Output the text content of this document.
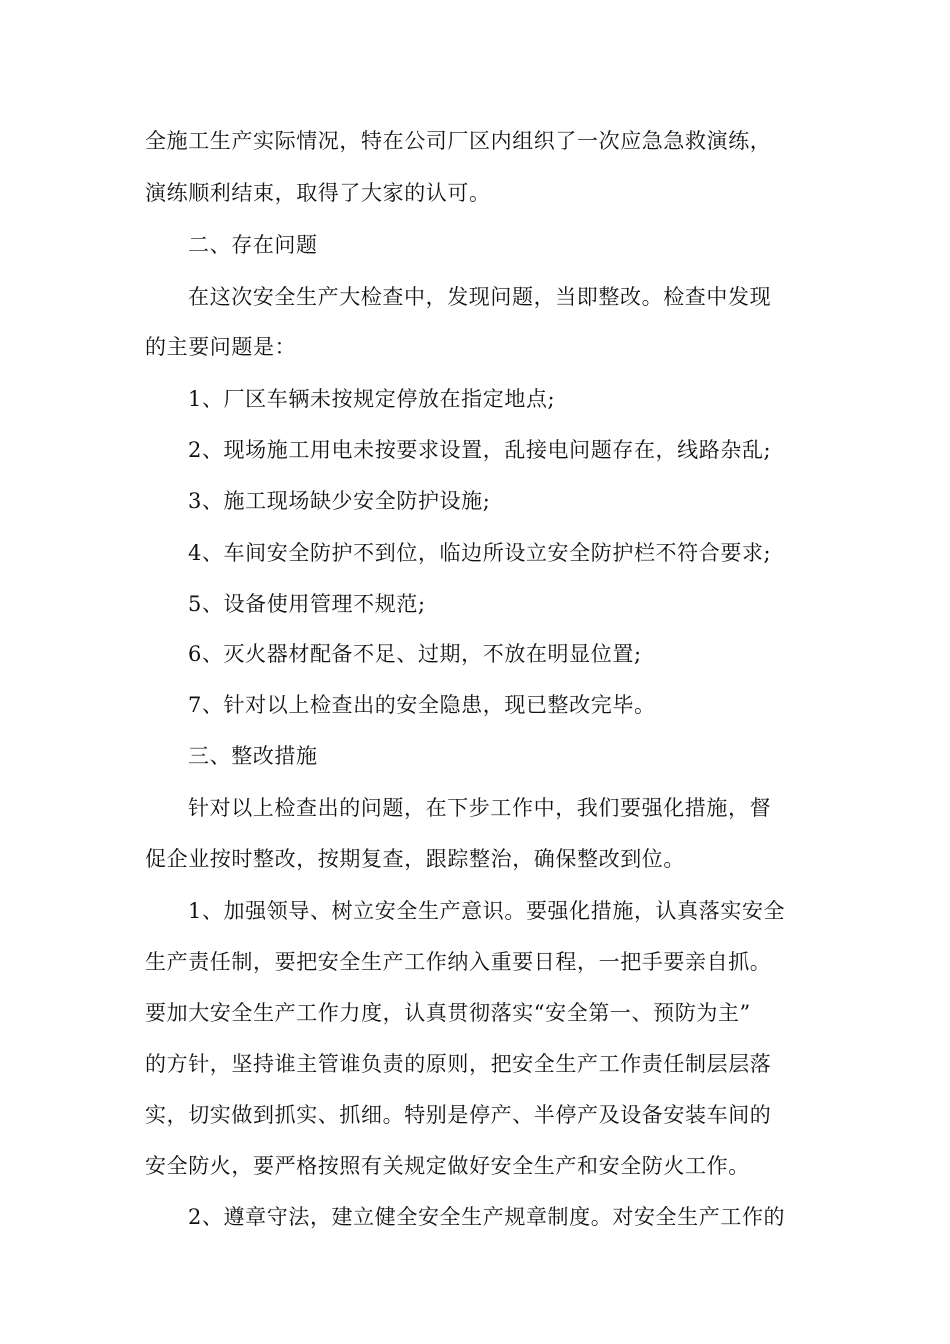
全施工生产实际情况，特在公司厂区内组织了一次应急急救演练，
演练顺利结束，取得了大家的认可。
二、存在问题
在这次安全生产大检查中，发现问题，当即整改。检查中发现
的主要问题是：
1、厂区车辆未按规定停放在指定地点;
2、现场施工用电未按要求设置，乱接电问题存在，线路杂乱;
3、施工现场缺少安全防护设施;
4、车间安全防护不到位，临边所设立安全防护栏不符合要求;
5、设备使用管理不规范;
6、灭火器材配备不足、过期，不放在明显位置;
7、针对以上检查出的安全隐患，现已整改完毕。
三、整改措施
针对以上检查出的问题，在下步工作中，我们要强化措施，督
促企业按时整改，按期复查，跟踪整治，确保整改到位。
1、加强领导、树立安全生产意识。要强化措施，认真落实安全
生产责任制，要把安全生产工作纳入重要日程，一把手要亲自抓。
要加大安全生产工作力度，认真贯彻落实“安全第一、预防为主”
的方针，坚持谁主管谁负责的原则，把安全生产工作责任制层层落
实，切实做到抓实、抓细。特别是停产、半停产及设备安装车间的
安全防火，要严格按照有关规定做好安全生产和安全防火工作。
2、遵章守法，建立健全安全生产规章制度。对安全生产工作的
